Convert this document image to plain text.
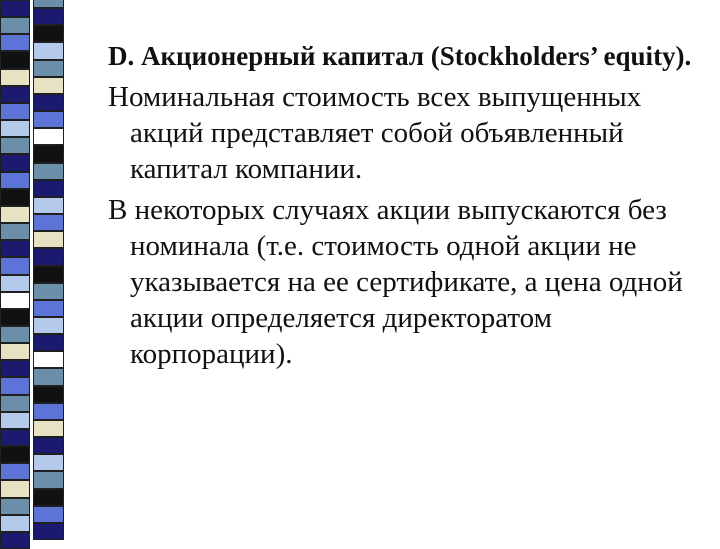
D. Акционерный капитал (Stockholders’ equity).

Номинальная стоимость всех выпущенных акций представляет собой объявленный капитал компании.

В некоторых случаях акции выпускаются без номинала (т.е. стоимость одной акции не указывается на ее сертификате, а цена одной акции определяется директоратом корпорации).
